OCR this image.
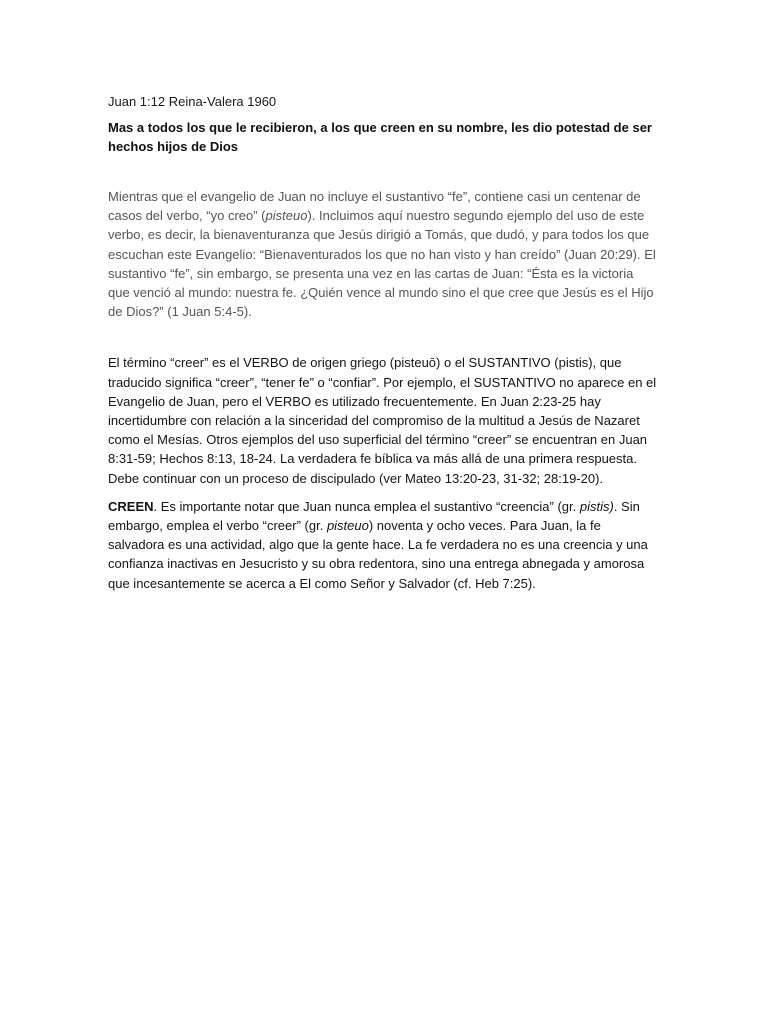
Juan 1:12 Reina-Valera 1960

Mas a todos los que le recibieron, a los que creen en su nombre, les dio potestad de ser hechos hijos de Dios

Mientras que el evangelio de Juan no incluye el sustantivo “fe”, contiene casi un centenar de casos del verbo, “yo creo” (pisteuo). Incluimos aquí nuestro segundo ejemplo del uso de este verbo, es decir, la bienaventuranza que Jesús dirigió a Tomás, que dudó, y para todos los que escuchan este Evangelio: “Bienaventurados los que no han visto y han creído” (Juan 20:29). El sustantivo “fe”, sin embargo, se presenta una vez en las cartas de Juan: “Ésta es la victoria que venció al mundo: nuestra fe. ¿Quién vence al mundo sino el que cree que Jesús es el Hijo de Dios?” (1 Juan 5:4-5).

El término “creer” es el VERBO de origen griego (pisteuō) o el SUSTANTIVO (pistis), que traducido significa “creer”, “tener fe” o “confiar”. Por ejemplo, el SUSTANTIVO no aparece en el Evangelio de Juan, pero el VERBO es utilizado frecuentemente. En Juan 2:23-25 hay incertidumbre con relación a la sinceridad del compromiso de la multitud a Jesús de Nazaret como el Mesías. Otros ejemplos del uso superficial del término “creer” se encuentran en Juan 8:31-59; Hechos 8:13, 18-24. La verdadera fe bíblica va más allá de una primera respuesta. Debe continuar con un proceso de discipulado (ver Mateo 13:20-23, 31-32; 28:19-20).

CREEN. Es importante notar que Juan nunca emplea el sustantivo “creencia” (gr. pistis). Sin embargo, emplea el verbo “creer” (gr. pisteuo) noventa y ocho veces. Para Juan, la fe salvadora es una actividad, algo que la gente hace. La fe verdadera no es una creencia y una confianza inactivas en Jesucristo y su obra redentora, sino una entrega abnegada y amorosa que incesantemente se acerca a El como Señor y Salvador (cf. Heb 7:25).
